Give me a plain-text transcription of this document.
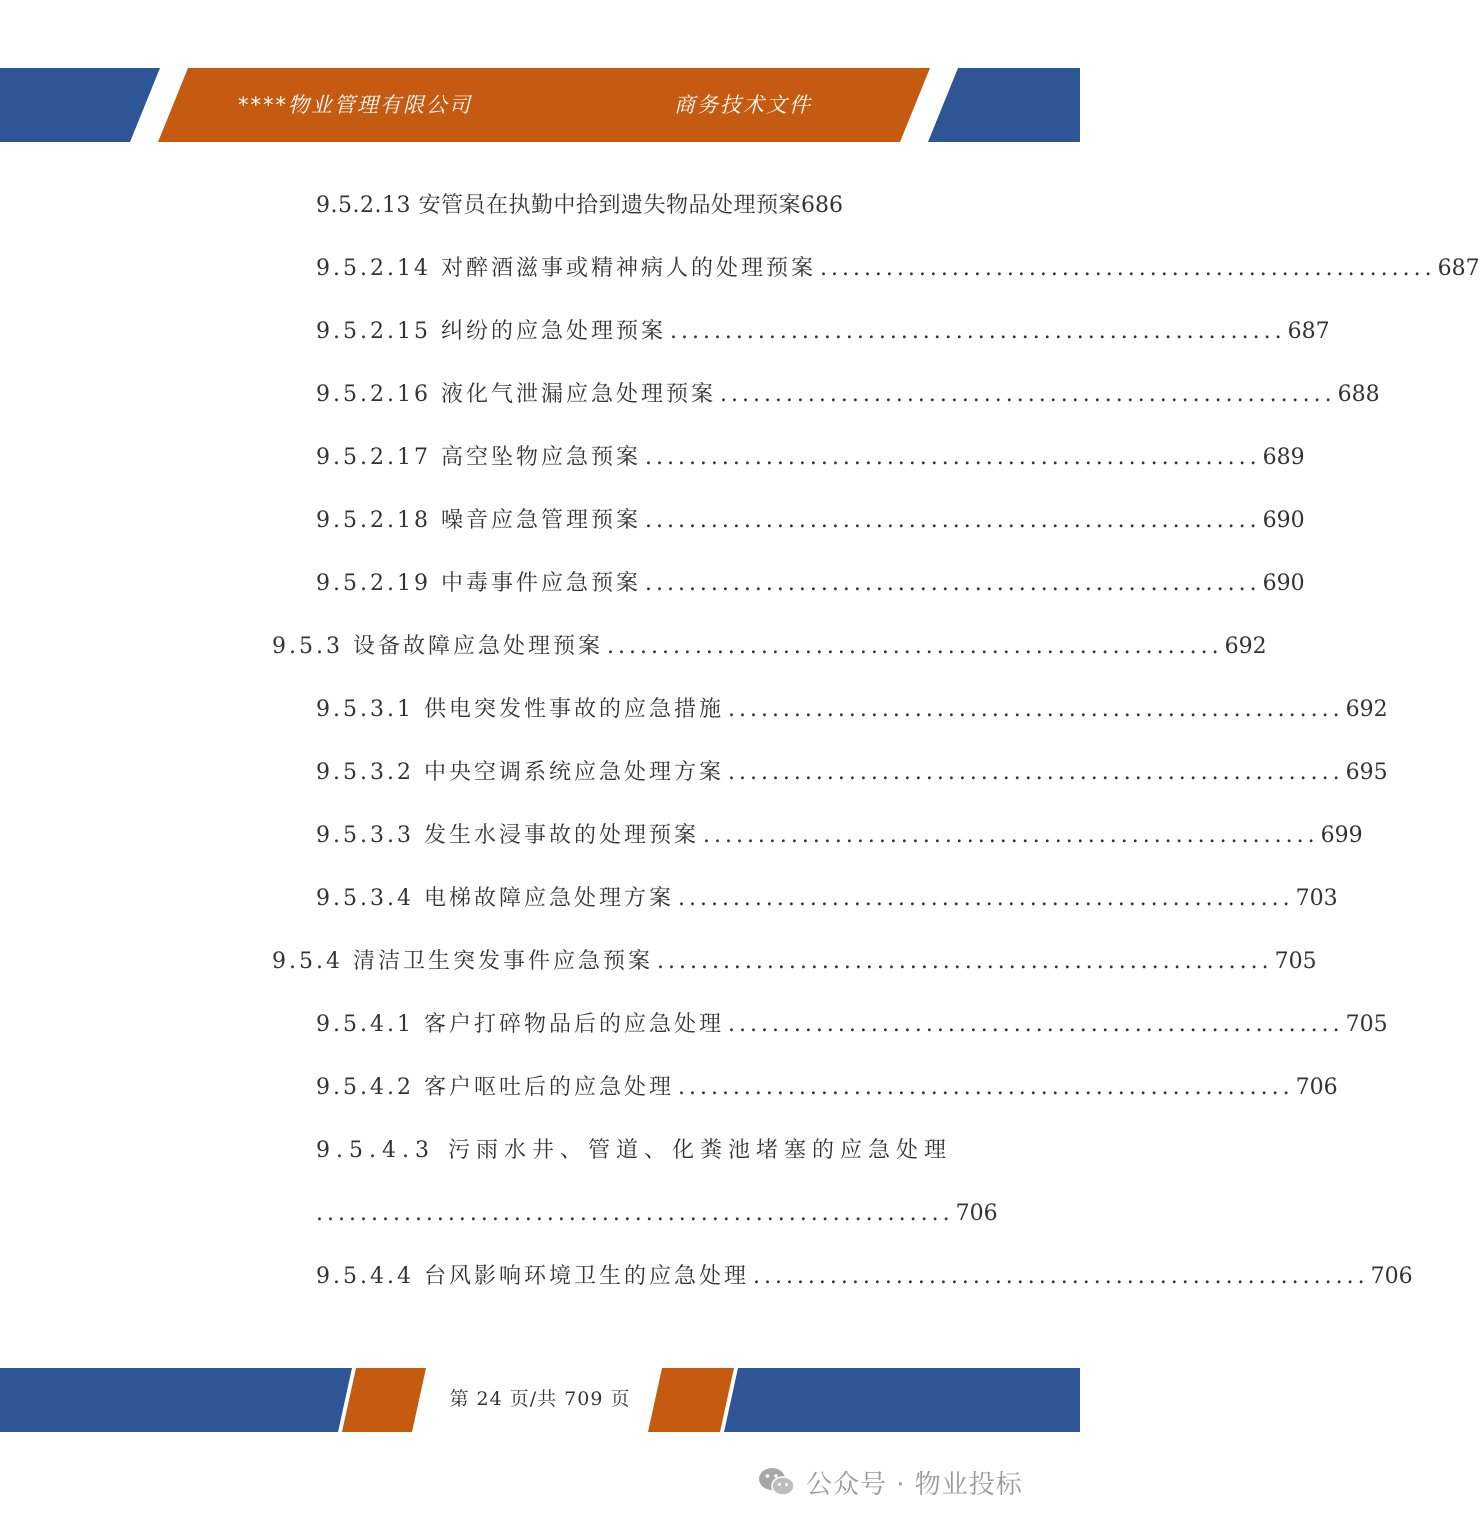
****物业管理有限公司	商务技术文件
9.5.2.13 安管员在执勤中拾到遗失物品处理预案 686
9.5.2.14 对醉酒滋事或精神病人的处理预案 ........................................................ 687
9.5.2.15 纠纷的应急处理预案 ........................................................ 687
9.5.2.16 液化气泄漏应急处理预案 ........................................................ 688
9.5.2.17 高空坠物应急预案 ........................................................ 689
9.5.2.18 噪音应急管理预案 ........................................................ 690
9.5.2.19 中毒事件应急预案 ........................................................ 690
9.5.3 设备故障应急处理预案 ........................................................ 692
9.5.3.1 供电突发性事故的应急措施 ........................................................ 692
9.5.3.2 中央空调系统应急处理方案 ........................................................ 695
9.5.3.3 发生水浸事故的处理预案 ........................................................ 699
9.5.3.4 电梯故障应急处理方案 ........................................................ 703
9.5.4 清洁卫生突发事件应急预案 ........................................................ 705
9.5.4.1 客户打碎物品后的应急处理 ........................................................ 705
9.5.4.2 客户呕吐后的应急处理 ........................................................ 706
9.5.4.3 污雨水井、管道、化粪池堵塞的应急处理
.......................................................... 706
9.5.4.4 台风影响环境卫生的应急处理 ........................................................ 706
第 24 页/共 709 页
公众号 · 物业投标
